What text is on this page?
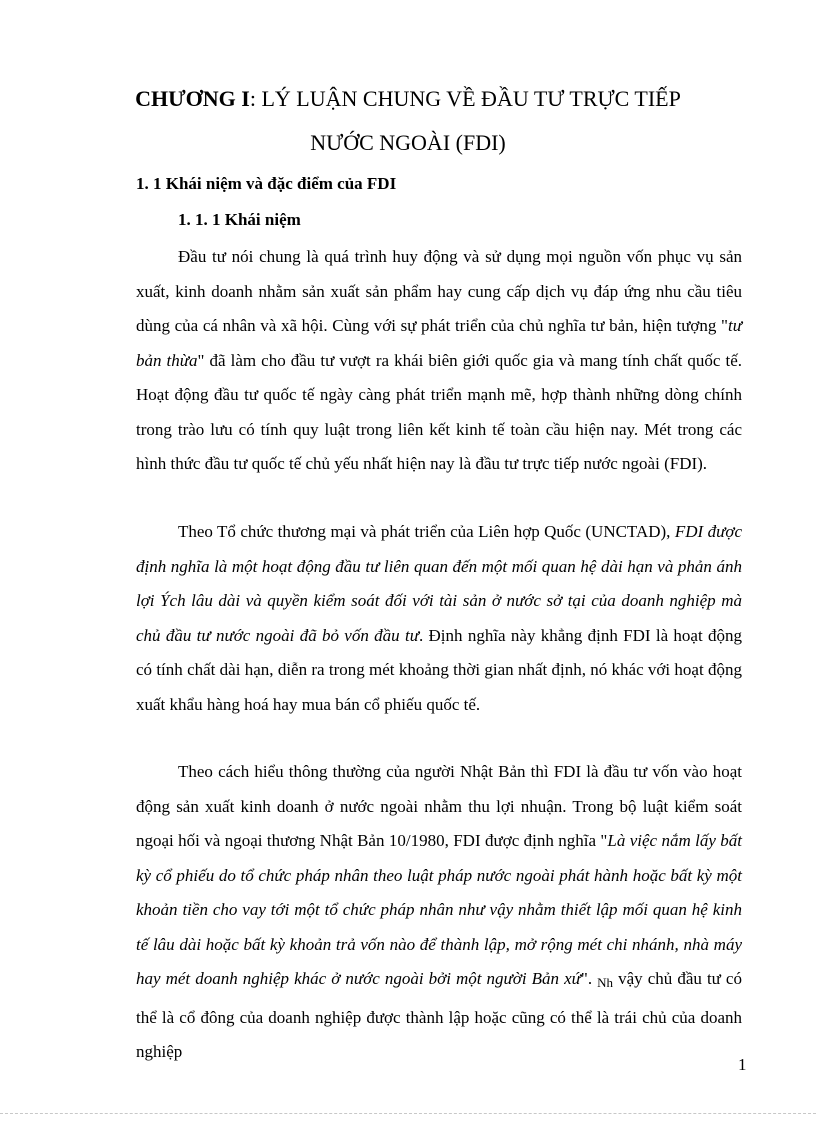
CHƯƠNG I: LÝ LUẬN CHUNG VỀ ĐẦU TƯ TRỰC TIẾP
NƯỚC NGOÀI (FDI)
1. 1 Khái niệm và đặc điểm của FDI
1. 1. 1 Khái niệm

Đầu tư nói chung là quá trình huy động và sử dụng mọi nguồn vốn phục vụ sản xuất, kinh doanh nhằm sản xuất sản phẩm hay cung cấp dịch vụ đáp ứng nhu cầu tiêu dùng của cá nhân và xã hội. Cùng với sự phát triển của chủ nghĩa tư bản, hiện tượng "tư bản thừa" đã làm cho đầu tư vượt ra khái biên giới quốc gia và mang tính chất quốc tế. Hoạt động đầu tư quốc tế ngày càng phát triển mạnh mẽ, hợp thành những dòng chính trong trào lưu có tính quy luật trong liên kết kinh tế toàn cầu hiện nay. Mét trong các hình thức đầu tư quốc tế chủ yếu nhất hiện nay là đầu tư trực tiếp nước ngoài (FDI).

Theo Tổ chức thương mại và phát triển của Liên hợp Quốc (UNCTAD), FDI được định nghĩa là một hoạt động đầu tư liên quan đến một mối quan hệ dài hạn và phản ánh lợi Ých lâu dài và quyền kiểm soát đối với tài sản ở nước sở tại của doanh nghiệp mà chủ đầu tư nước ngoài đã bỏ vốn đầu tư. Định nghĩa này khẳng định FDI là hoạt động có tính chất dài hạn, diễn ra trong mét khoảng thời gian nhất định, nó khác với hoạt động xuất khẩu hàng hoá hay mua bán cổ phiếu quốc tế.

Theo cách hiểu thông thường của người Nhật Bản thì FDI là đầu tư vốn vào hoạt động sản xuất kinh doanh ở nước ngoài nhằm thu lợi nhuận. Trong bộ luật kiểm soát ngoại hối và ngoại thương Nhật Bản 10/1980, FDI được định nghĩa "Là việc nắm lấy bất kỳ cổ phiếu do tổ chức pháp nhân theo luật pháp nước ngoài phát hành hoặc bất kỳ một khoản tiền cho vay tới một tổ chức pháp nhân như vậy nhằm thiết lập mối quan hệ kinh tế lâu dài hoặc bất kỳ khoản trả vốn nào để thành lập, mở rộng mét chi nhánh, nhà máy hay mét doanh nghiệp khác ở nước ngoài bởi một người Bản xứ". Nh vậy chủ đầu tư có thể là cổ đông của doanh nghiệp được thành lập hoặc cũng có thể là trái chủ của doanh nghiệp

1
